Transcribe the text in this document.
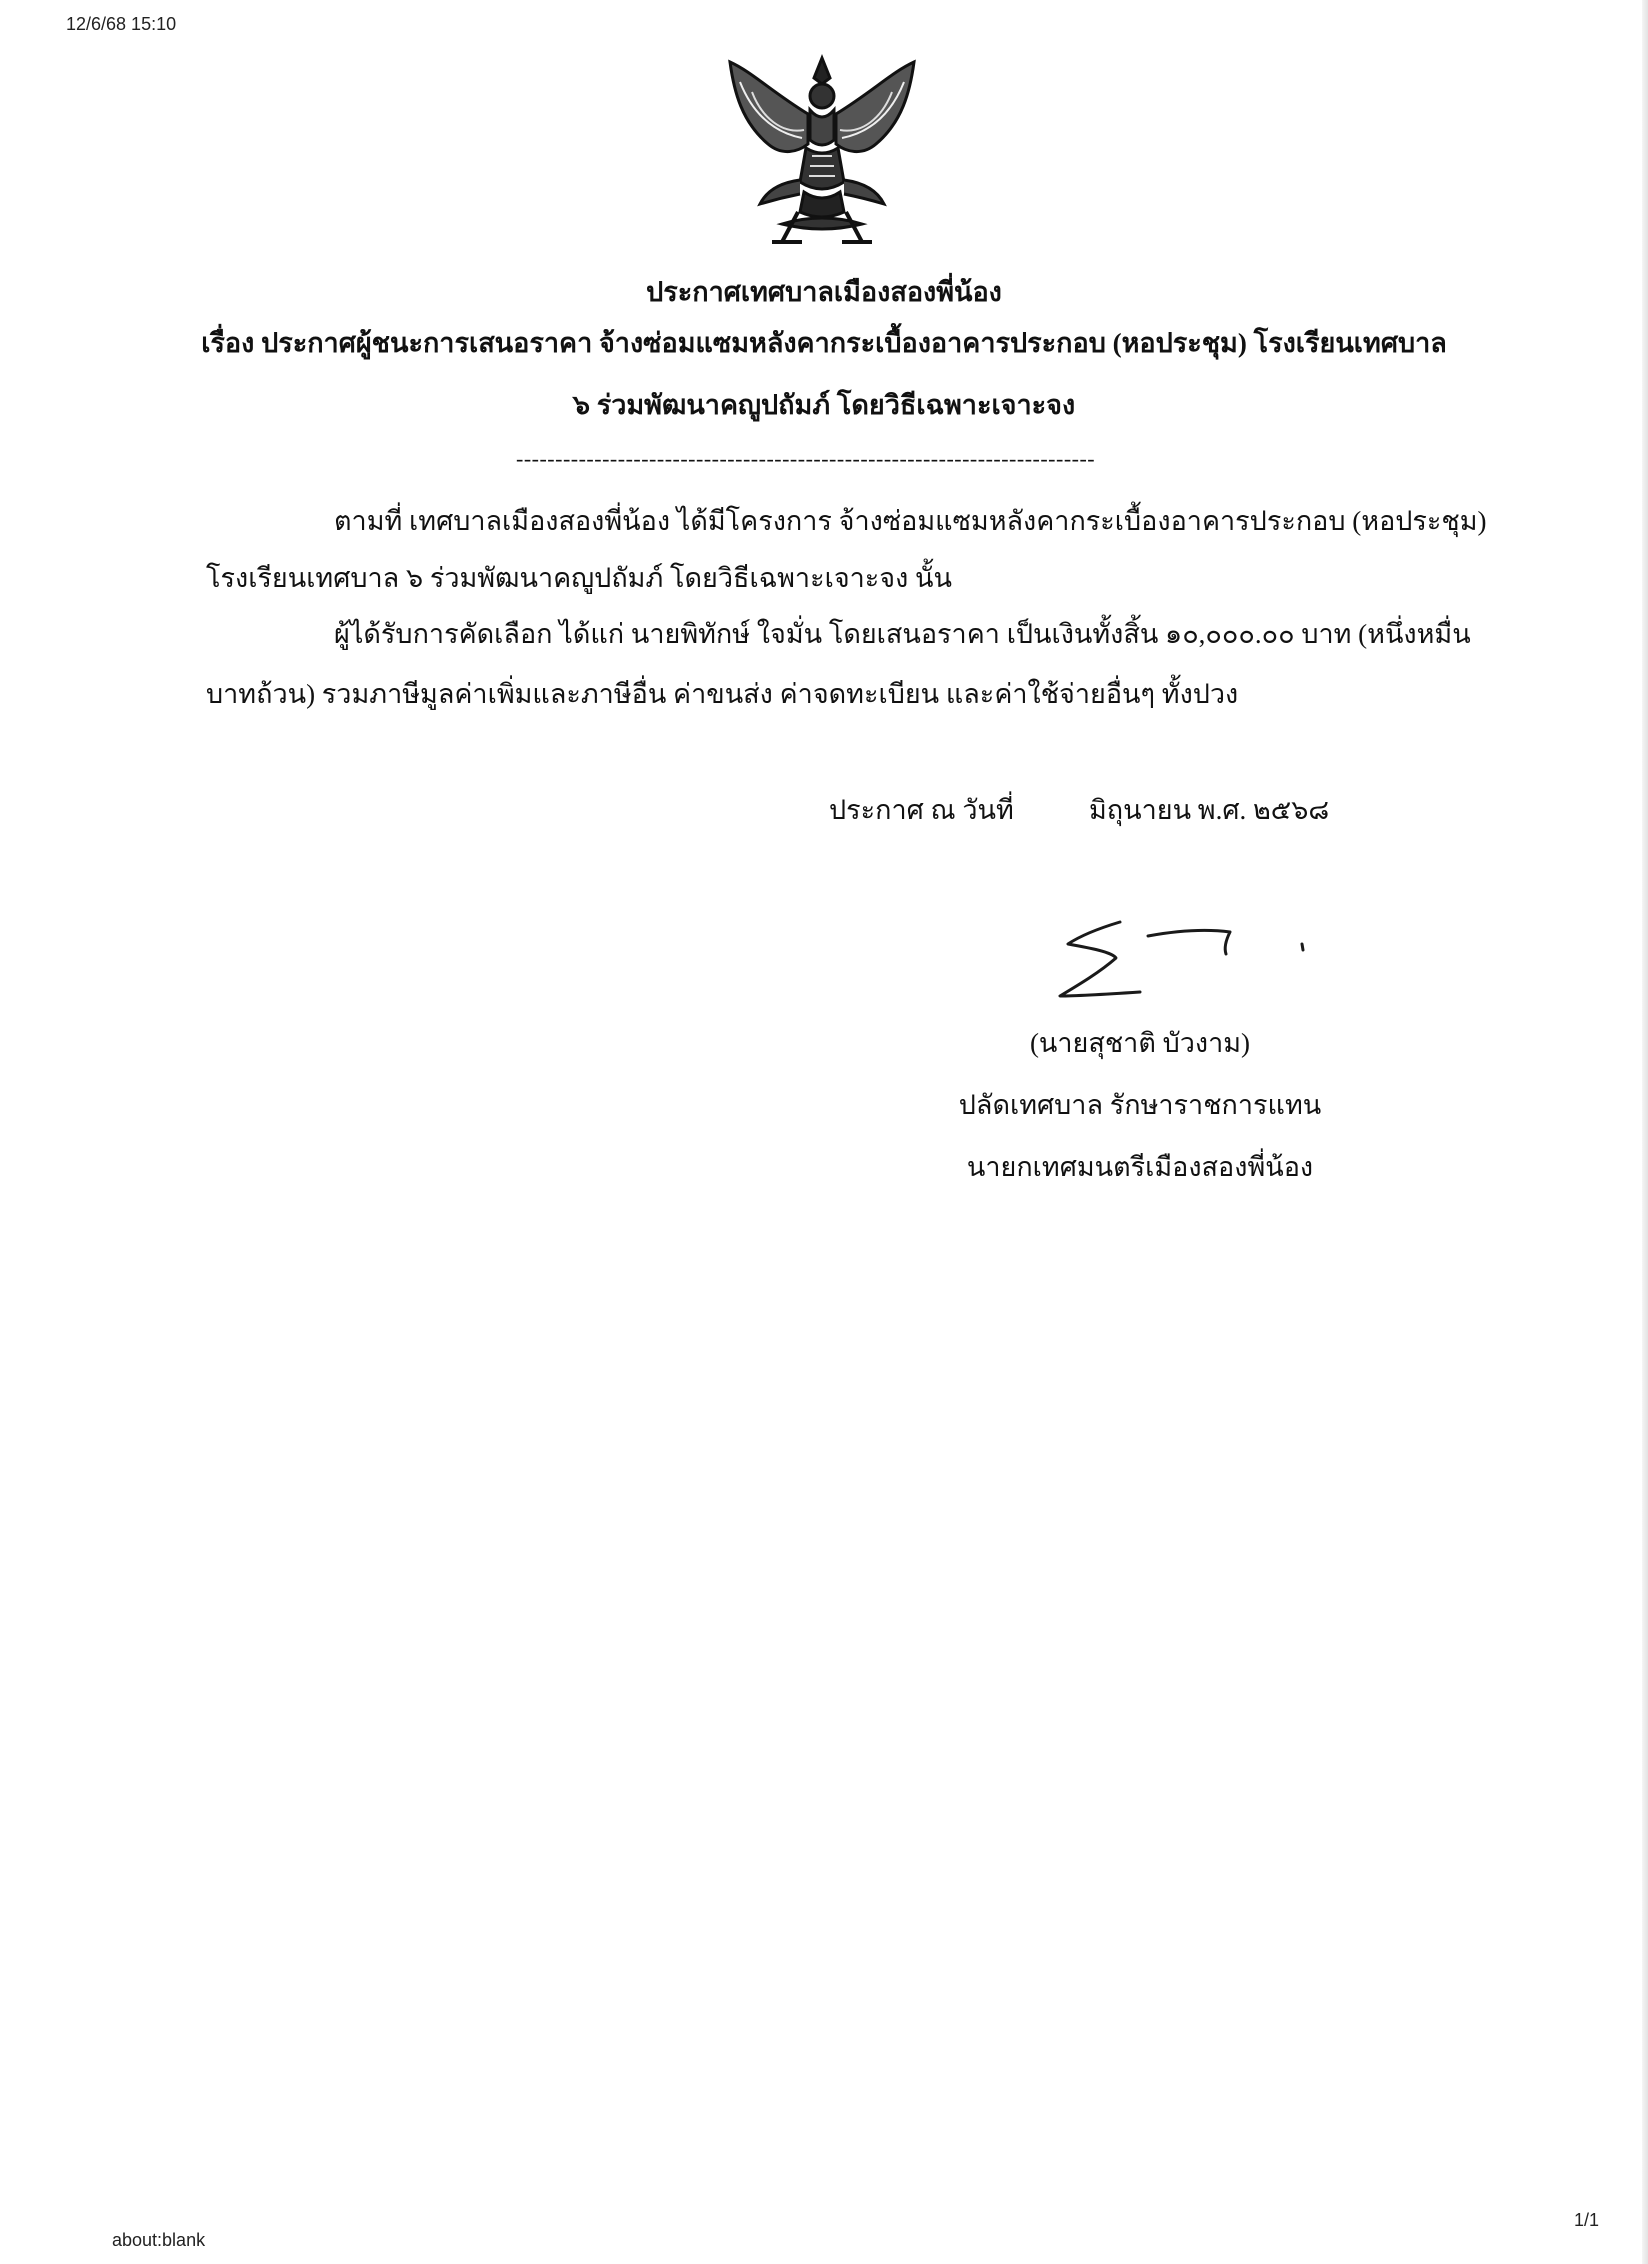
12/6/68 15:10
ประกาศเทศบาลเมืองสองพี่น้อง
เรื่อง ประกาศผู้ชนะการเสนอราคา จ้างซ่อมแซมหลังคากระเบื้องอาคารประกอบ (หอประชุม) โรงเรียนเทศบาล
๖ ร่วมพัฒนาคญูปถัมภ์ โดยวิธีเฉพาะเจาะจง
--------------------------------------------------------------------------
ตามที่ เทศบาลเมืองสองพี่น้อง ได้มีโครงการ จ้างซ่อมแซมหลังคากระเบื้องอาคารประกอบ (หอประชุม)
โรงเรียนเทศบาล ๖ ร่วมพัฒนาคญูปถัมภ์ โดยวิธีเฉพาะเจาะจง นั้น
ผู้ได้รับการคัดเลือก ได้แก่ นายพิทักษ์ ใจมั่น โดยเสนอราคา เป็นเงินทั้งสิ้น ๑๐,๐๐๐.๐๐ บาท (หนึ่งหมื่น
บาทถ้วน) รวมภาษีมูลค่าเพิ่มและภาษีอื่น ค่าขนส่ง ค่าจดทะเบียน และค่าใช้จ่ายอื่นๆ ทั้งปวง
ประกาศ ณ วันที่	มิถุนายน พ.ศ. ๒๕๖๘
(นายสุชาติ บัวงาม)
ปลัดเทศบาล รักษาราชการแทน
นายกเทศมนตรีเมืองสองพี่น้อง
1/1
about:blank
